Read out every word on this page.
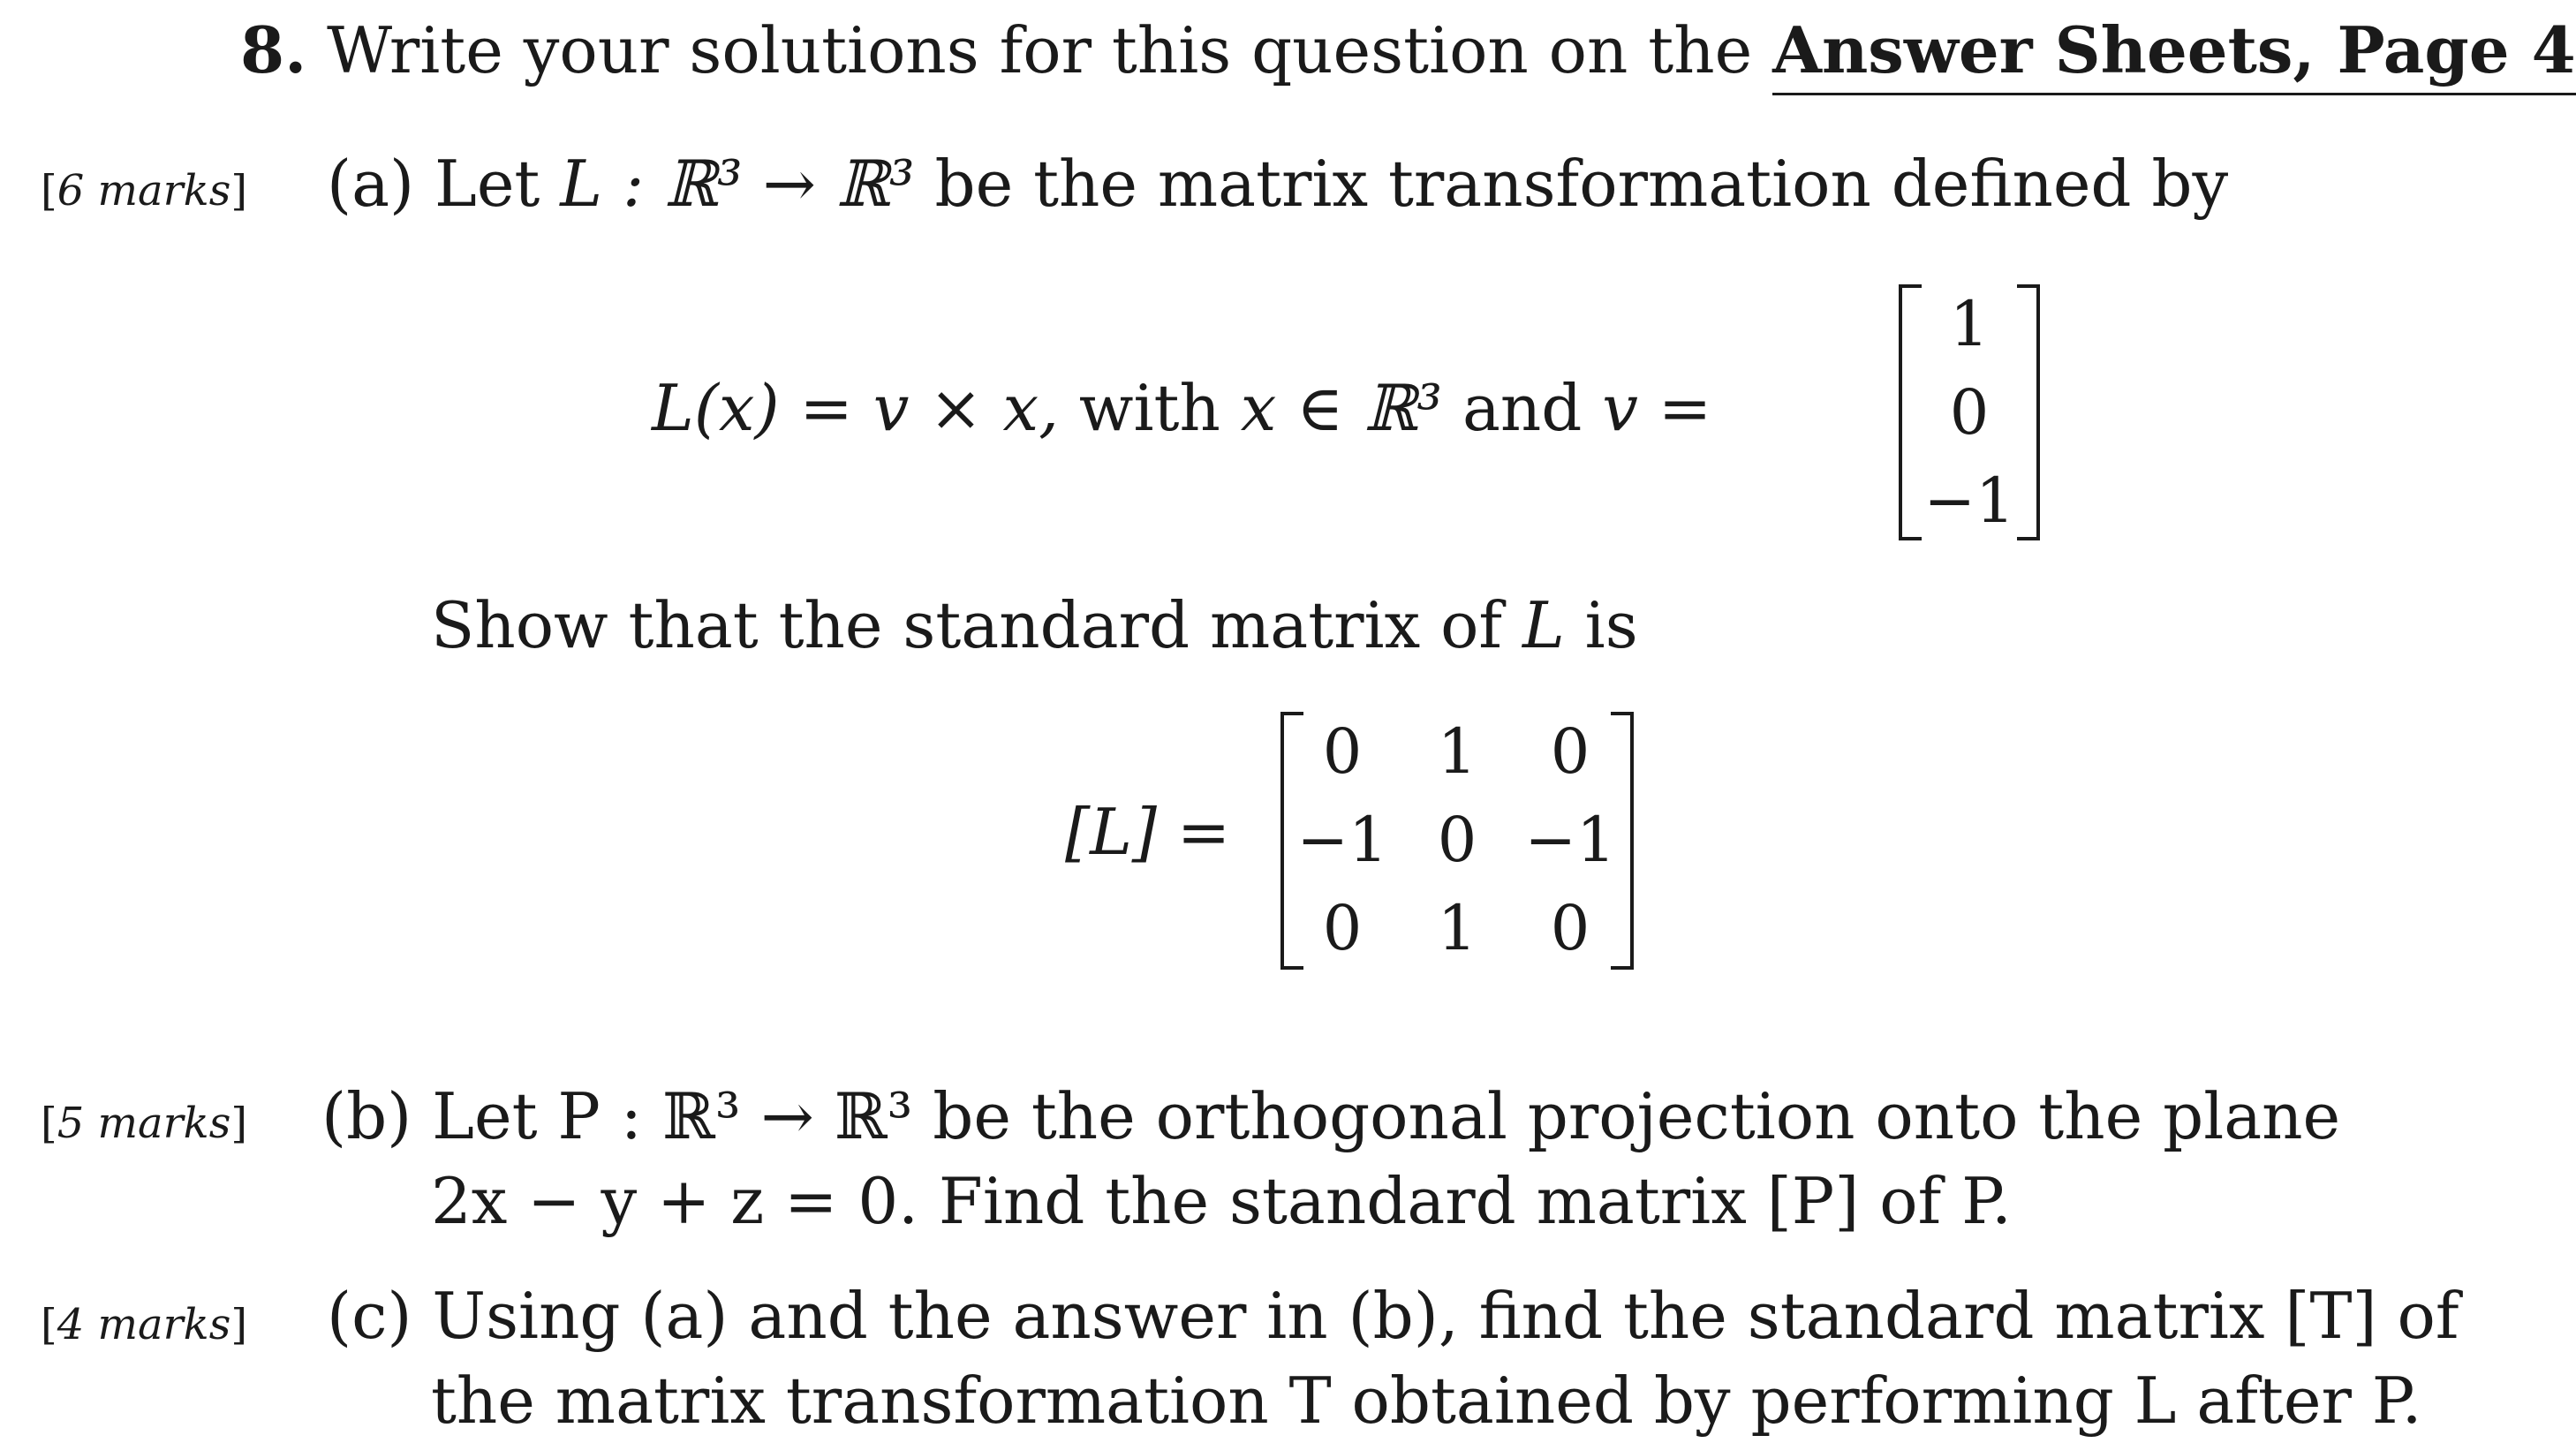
8. Write your solutions for this question on the Answer Sheets, Page 4
[6 marks] (a) Let L : ℝ³ → ℝ³ be the matrix transformation defined by
L(x) = v × x, with x ∈ ℝ³ and v =
1
0
−1
Show that the standard matrix of L is
[L] =
0	1	0
−1 0 −1
0	1	0
[5 marks] (b) Let P : ℝ³ → ℝ³ be the orthogonal projection onto the plane
2x − y + z = 0. Find the standard matrix [P] of P.
[4 marks] (c) Using (a) and the answer in (b), find the standard matrix [T] of
the matrix transformation T obtained by performing L after P.
